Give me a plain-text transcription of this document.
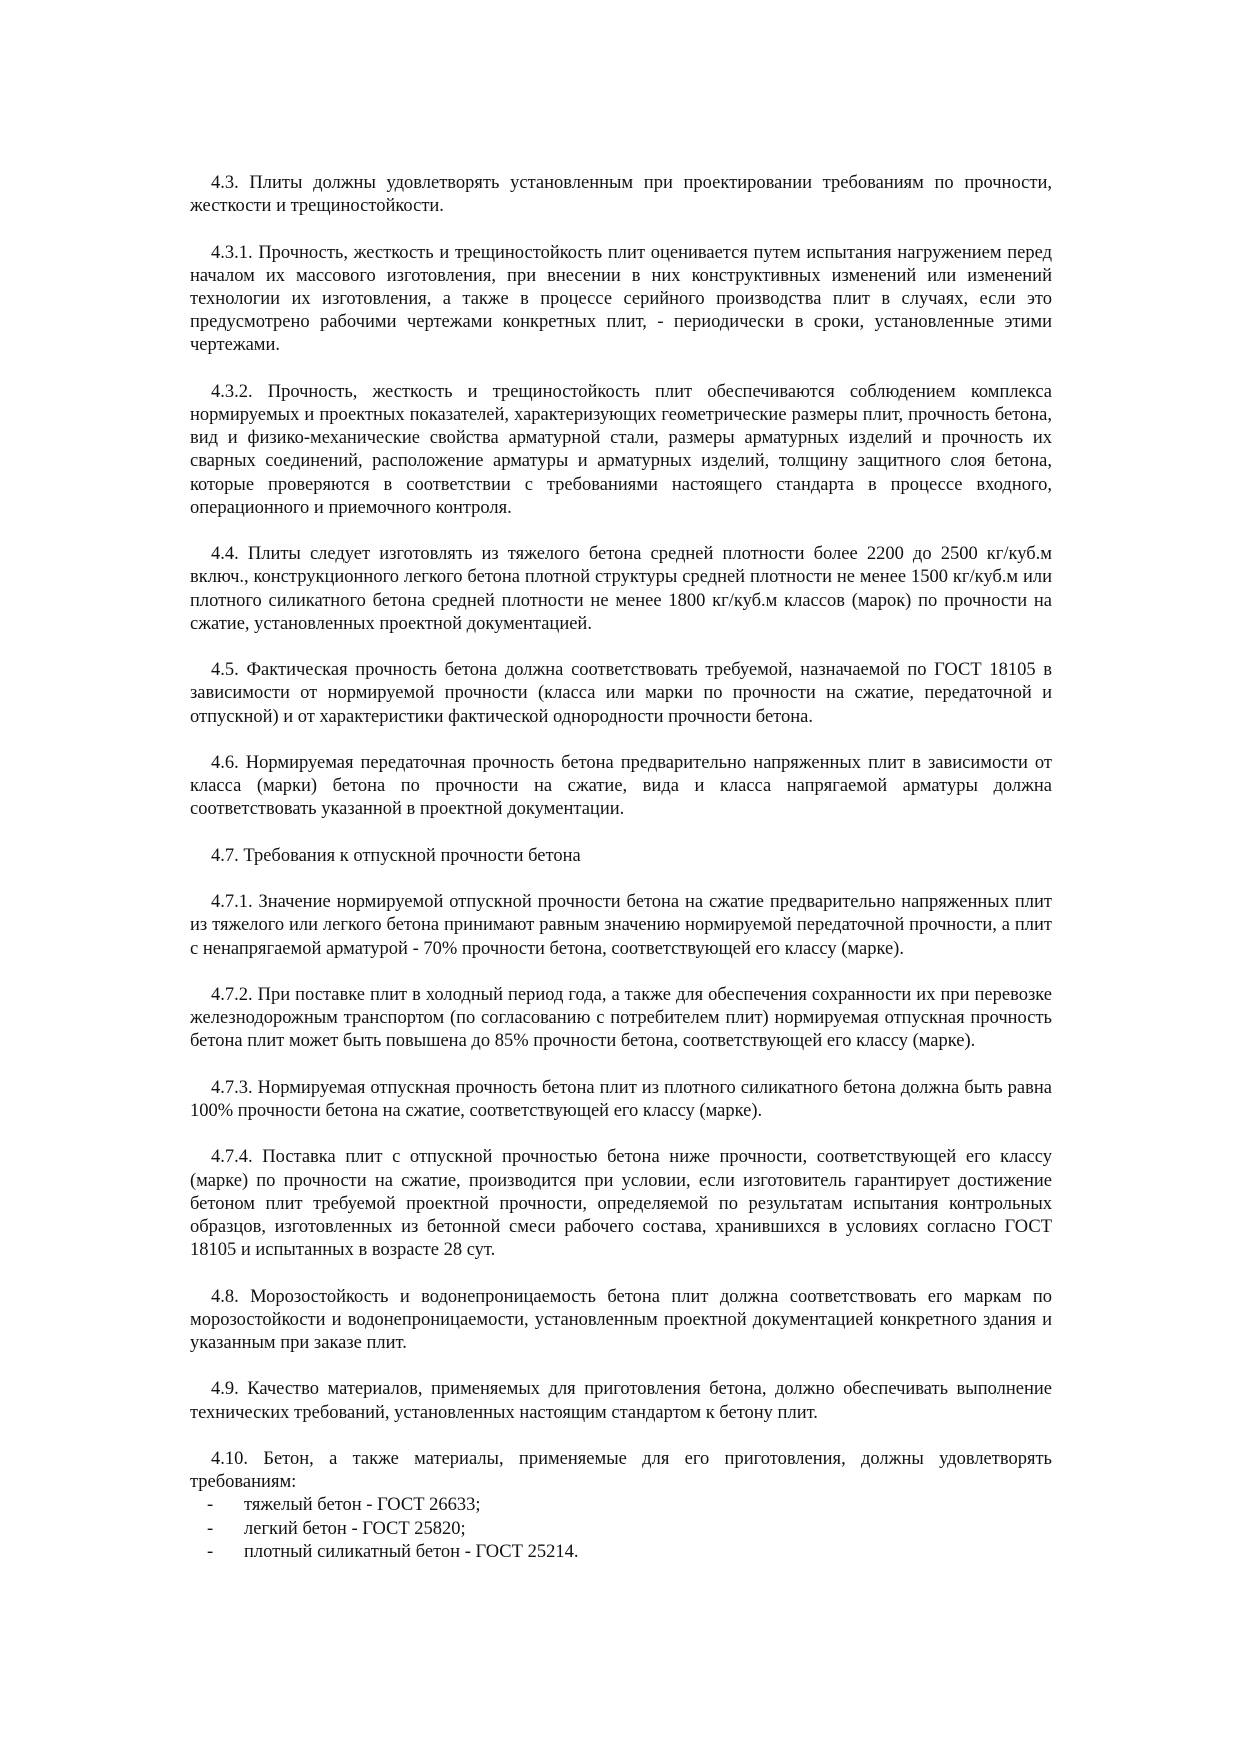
4.3. Плиты должны удовлетворять установленным при проектировании требованиям по прочности, жесткости и трещиностойкости.

4.3.1. Прочность, жесткость и трещиностойкость плит оценивается путем испытания нагружением перед началом их массового изготовления, при внесении в них конструктивных изменений или изменений технологии их изготовления, а также в процессе серийного производства плит в случаях, если это предусмотрено рабочими чертежами конкретных плит, - периодически в сроки, установленные этими чертежами.

4.3.2. Прочность, жесткость и трещиностойкость плит обеспечиваются соблюдением комплекса нормируемых и проектных показателей, характеризующих геометрические размеры плит, прочность бетона, вид и физико-механические свойства арматурной стали, размеры арматурных изделий и прочность их сварных соединений, расположение арматуры и арматурных изделий, толщину защитного слоя бетона, которые проверяются в соответствии с требованиями настоящего стандарта в процессе входного, операционного и приемочного контроля.

4.4. Плиты следует изготовлять из тяжелого бетона средней плотности более 2200 до 2500 кг/куб.м включ., конструкционного легкого бетона плотной структуры средней плотности не менее 1500 кг/куб.м или плотного силикатного бетона средней плотности не менее 1800 кг/куб.м классов (марок) по прочности на сжатие, установленных проектной документацией.

4.5. Фактическая прочность бетона должна соответствовать требуемой, назначаемой по ГОСТ 18105 в зависимости от нормируемой прочности (класса или марки по прочности на сжатие, передаточной и отпускной) и от характеристики фактической однородности прочности бетона.

4.6. Нормируемая передаточная прочность бетона предварительно напряженных плит в зависимости от класса (марки) бетона по прочности на сжатие, вида и класса напрягаемой арматуры должна соответствовать указанной в проектной документации.

4.7. Требования к отпускной прочности бетона

4.7.1. Значение нормируемой отпускной прочности бетона на сжатие предварительно напряженных плит из тяжелого или легкого бетона принимают равным значению нормируемой передаточной прочности, а плит с ненапрягаемой арматурой - 70% прочности бетона, соответствующей его классу (марке).

4.7.2. При поставке плит в холодный период года, а также для обеспечения сохранности их при перевозке железнодорожным транспортом (по согласованию с потребителем плит) нормируемая отпускная прочность бетона плит может быть повышена до 85% прочности бетона, соответствующей его классу (марке).

4.7.3. Нормируемая отпускная прочность бетона плит из плотного силикатного бетона должна быть равна 100% прочности бетона на сжатие, соответствующей его классу (марке).

4.7.4. Поставка плит с отпускной прочностью бетона ниже прочности, соответствующей его классу (марке) по прочности на сжатие, производится при условии, если изготовитель гарантирует достижение бетоном плит требуемой проектной прочности, определяемой по результатам испытания контрольных образцов, изготовленных из бетонной смеси рабочего состава, хранившихся в условиях согласно ГОСТ 18105 и испытанных в возрасте 28 сут.

4.8. Морозостойкость и водонепроницаемость бетона плит должна соответствовать его маркам по морозостойкости и водонепроницаемости, установленным проектной документацией конкретного здания и указанным при заказе плит.

4.9. Качество материалов, применяемых для приготовления бетона, должно обеспечивать выполнение технических требований, установленных настоящим стандартом к бетону плит.

4.10. Бетон, а также материалы, применяемые для его приготовления, должны удовлетворять требованиям:

- тяжелый бетон - ГОСТ 26633;
- легкий бетон - ГОСТ 25820;
- плотный силикатный бетон - ГОСТ 25214.
